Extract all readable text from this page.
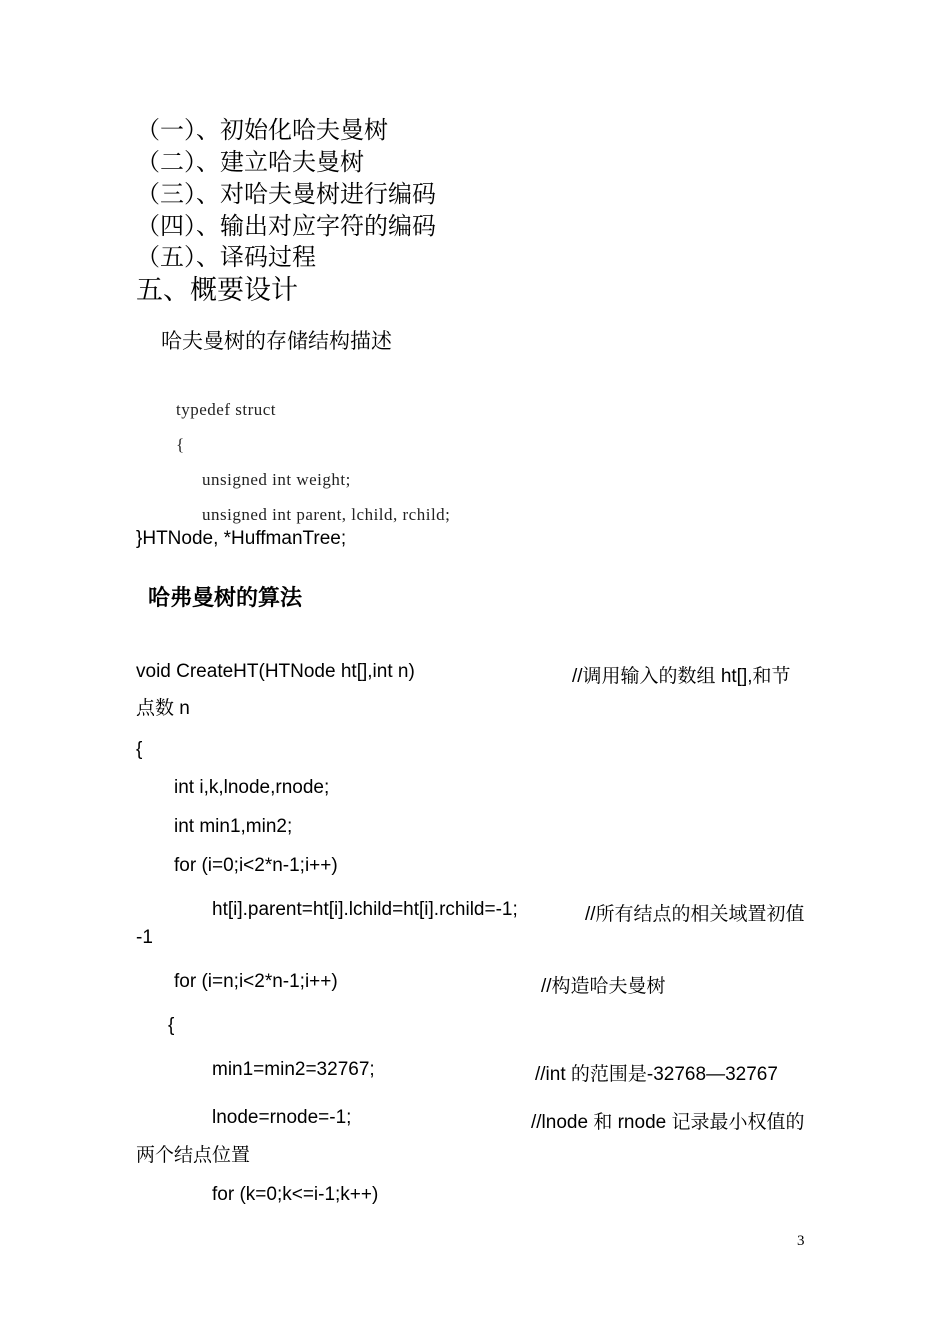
（一）、初始化哈夫曼树
（二）、建立哈夫曼树
（三）、对哈夫曼树进行编码
（四）、输出对应字符的编码
（五）、译码过程
五、概要设计
哈夫曼树的存储结构描述
typedef struct
{
unsigned int weight;
unsigned int parent, lchild, rchild;
}HTNode, *HuffmanTree;
哈弗曼树的算法
void CreateHT(HTNode ht[],int n)	//调用输入的数组 ht[],和节
点数 n
{
int i,k,lnode,rnode;
int min1,min2;
for (i=0;i<2*n-1;i++)
ht[i].parent=ht[i].lchild=ht[i].rchild=-1;	//所有结点的相关域置初值
-1
for (i=n;i<2*n-1;i++)	//构造哈夫曼树
{
min1=min2=32767;	//int 的范围是-32768—32767
lnode=rnode=-1;	//lnode 和 rnode 记录最小权值的
两个结点位置
for (k=0;k<=i-1;k++)
3
